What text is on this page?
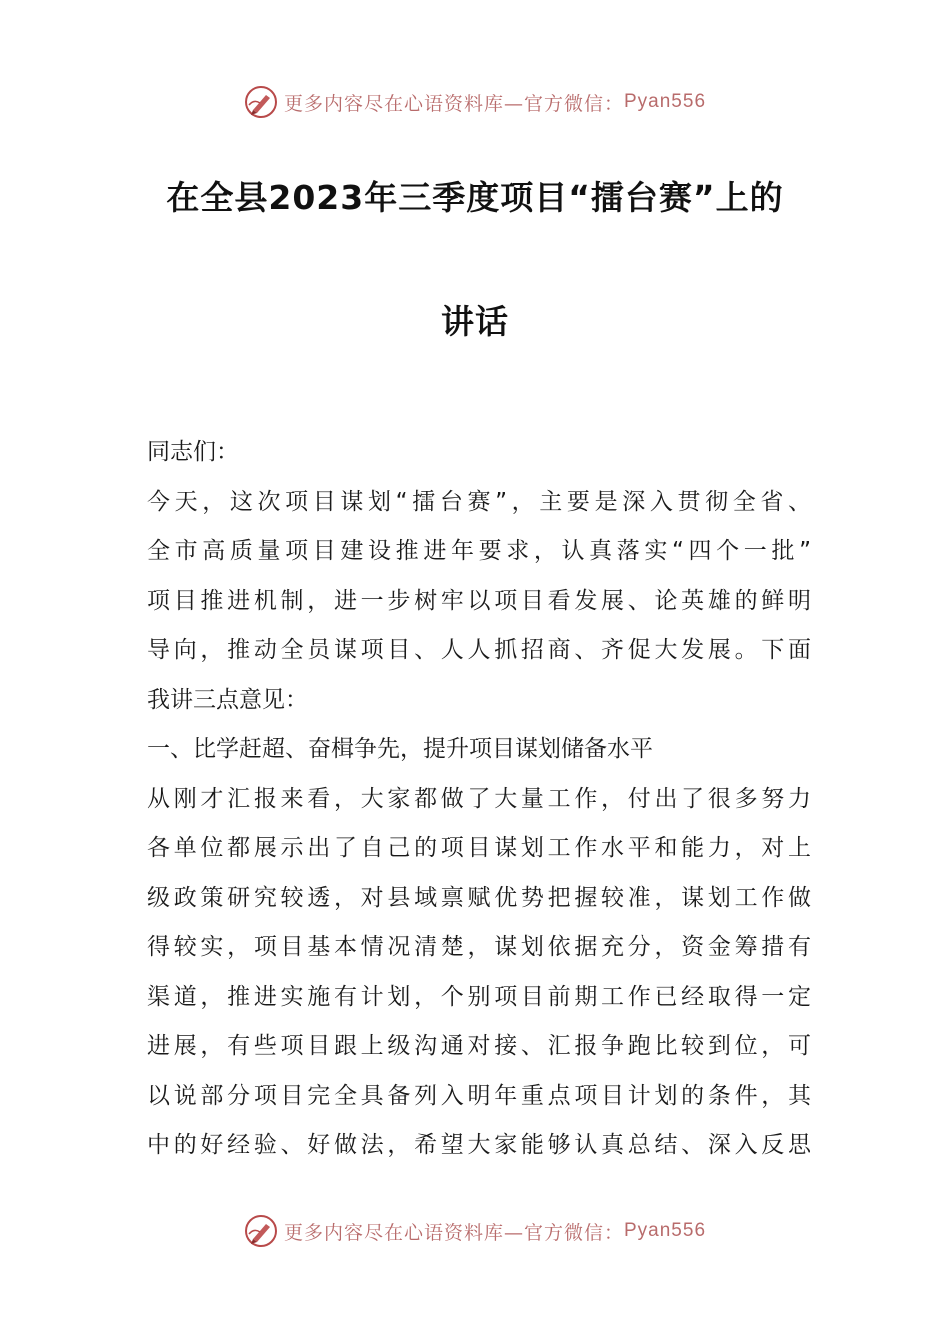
更多内容尽在心语资料库—官方微信： Pyan556
在全县2023年三季度项目“擂台赛”上的
讲话
同志们：
今天，这次项目谋划“擂台赛”，主要是深入贯彻全省、
全市高质量项目建设推进年要求，认真落实“四个一批”
项目推进机制，进一步树牢以项目看发展、论英雄的鲜明
导向，推动全员谋项目、人人抓招商、齐促大发展。下面
我讲三点意见：
一、比学赶超、奋楫争先，提升项目谋划储备水平
从刚才汇报来看，大家都做了大量工作，付出了很多努力
各单位都展示出了自己的项目谋划工作水平和能力，对上
级政策研究较透，对县域禀赋优势把握较准，谋划工作做
得较实，项目基本情况清楚，谋划依据充分，资金筹措有
渠道，推进实施有计划，个别项目前期工作已经取得一定
进展，有些项目跟上级沟通对接、汇报争跑比较到位，可
以说部分项目完全具备列入明年重点项目计划的条件，其
中的好经验、好做法，希望大家能够认真总结、深入反思
更多内容尽在心语资料库—官方微信： Pyan556
